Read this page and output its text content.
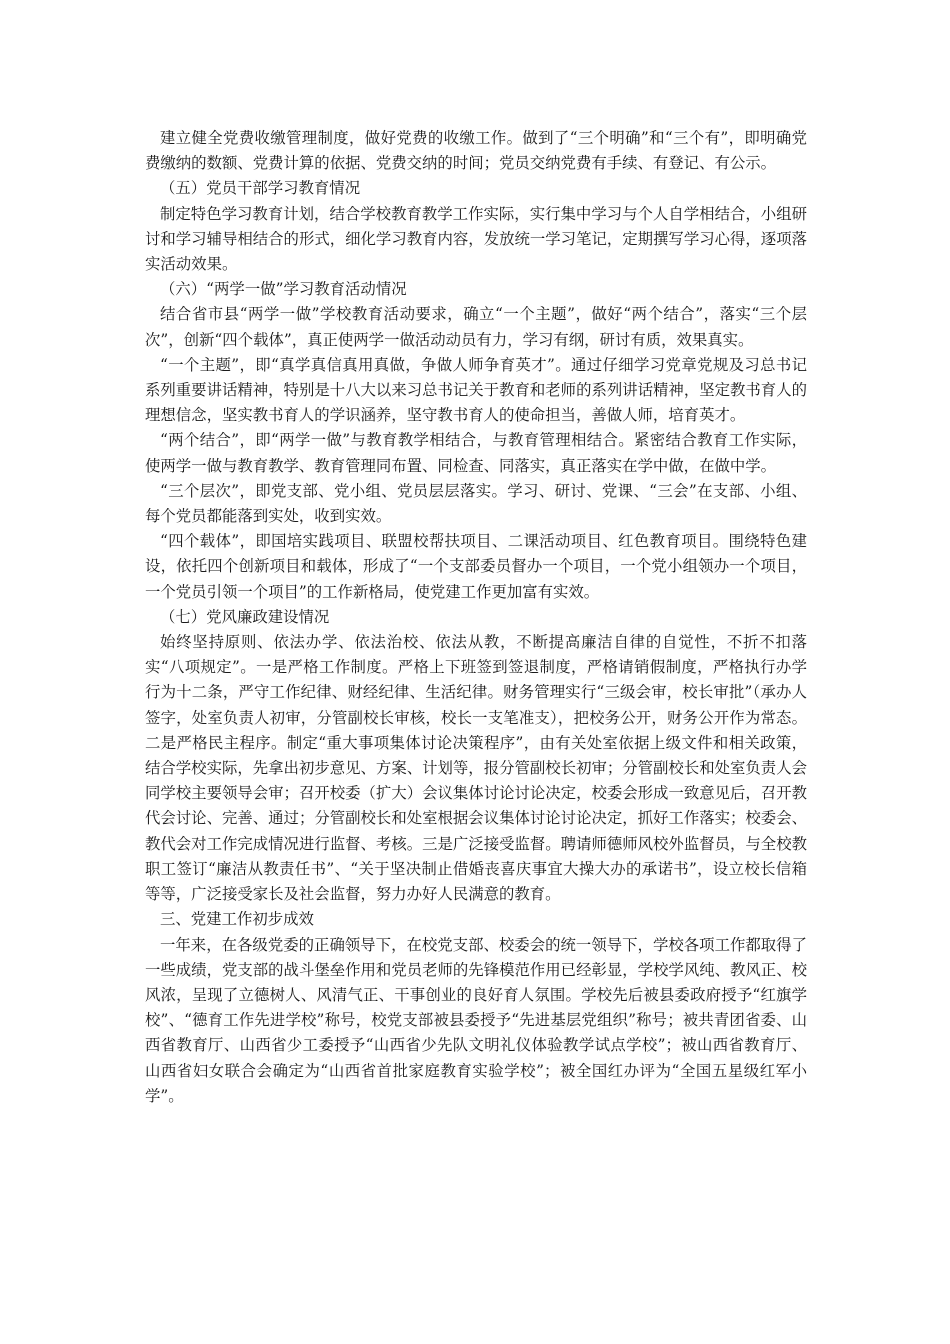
建立健全党费收缴管理制度，做好党费的收缴工作。做到了“三个明确”和“三个有”，即明确党费缴纳的数额、党费计算的依据、党费交纳的时间；党员交纳党费有手续、有登记、有公示。

（五）党员干部学习教育情况

制定特色学习教育计划，结合学校教育教学工作实际，实行集中学习与个人自学相结合，小组研讨和学习辅导相结合的形式，细化学习教育内容，发放统一学习笔记，定期撰写学习心得，逐项落实活动效果。

（六）“两学一做”学习教育活动情况

结合省市县“两学一做”学校教育活动要求，确立“一个主题”，做好“两个结合”，落实“三个层次”，创新“四个载体”，真正使两学一做活动动员有力，学习有纲，研讨有质，效果真实。

“一个主题”，即“真学真信真用真做，争做人师争育英才”。通过仔细学习党章党规及习总书记系列重要讲话精神，特别是十八大以来习总书记关于教育和老师的系列讲话精神，坚定教书育人的理想信念，坚实教书育人的学识涵养，坚守教书育人的使命担当，善做人师，培育英才。

“两个结合”，即“两学一做”与教育教学相结合，与教育管理相结合。紧密结合教育工作实际，使两学一做与教育教学、教育管理同布置、同检查、同落实，真正落实在学中做，在做中学。

“三个层次”，即党支部、党小组、党员层层落实。学习、研讨、党课、“三会”在支部、小组、每个党员都能落到实处，收到实效。

“四个载体”，即国培实践项目、联盟校帮扶项目、二课活动项目、红色教育项目。围绕特色建设，依托四个创新项目和载体，形成了“一个支部委员督办一个项目，一个党小组领办一个项目，一个党员引领一个项目”的工作新格局，使党建工作更加富有实效。

（七）党风廉政建设情况

始终坚持原则、依法办学、依法治校、依法从教，不断提高廉洁自律的自觉性，不折不扣落实“八项规定”。一是严格工作制度。严格上下班签到签退制度，严格请销假制度，严格执行办学行为十二条，严守工作纪律、财经纪律、生活纪律。财务管理实行“三级会审，校长审批”（承办人签字，处室负责人初审，分管副校长审核，校长一支笔准支），把校务公开，财务公开作为常态。二是严格民主程序。制定“重大事项集体讨论决策程序”，由有关处室依据上级文件和相关政策，结合学校实际，先拿出初步意见、方案、计划等，报分管副校长初审；分管副校长和处室负责人会同学校主要领导会审；召开校委（扩大）会议集体讨论讨论决定，校委会形成一致意见后，召开教代会讨论、完善、通过；分管副校长和处室根据会议集体讨论讨论决定，抓好工作落实；校委会、教代会对工作完成情况进行监督、考核。三是广泛接受监督。聘请师德师风校外监督员，与全校教职工签订“廉洁从教责任书”、“关于坚决制止借婚丧喜庆事宜大操大办的承诺书”，设立校长信箱等等，广泛接受家长及社会监督，努力办好人民满意的教育。

三、党建工作初步成效

一年来，在各级党委的正确领导下，在校党支部、校委会的统一领导下，学校各项工作都取得了一些成绩，党支部的战斗堡垒作用和党员老师的先锋模范作用已经彰显，学校学风纯、教风正、校风浓，呈现了立德树人、风清气正、干事创业的良好育人氛围。学校先后被县委政府授予“红旗学校”、“德育工作先进学校”称号，校党支部被县委授予“先进基层党组织”称号；被共青团省委、山西省教育厅、山西省少工委授予“山西省少先队文明礼仪体验教学试点学校”；被山西省教育厅、山西省妇女联合会确定为“山西省首批家庭教育实验学校”；被全国红办评为“全国五星级红军小学”。
